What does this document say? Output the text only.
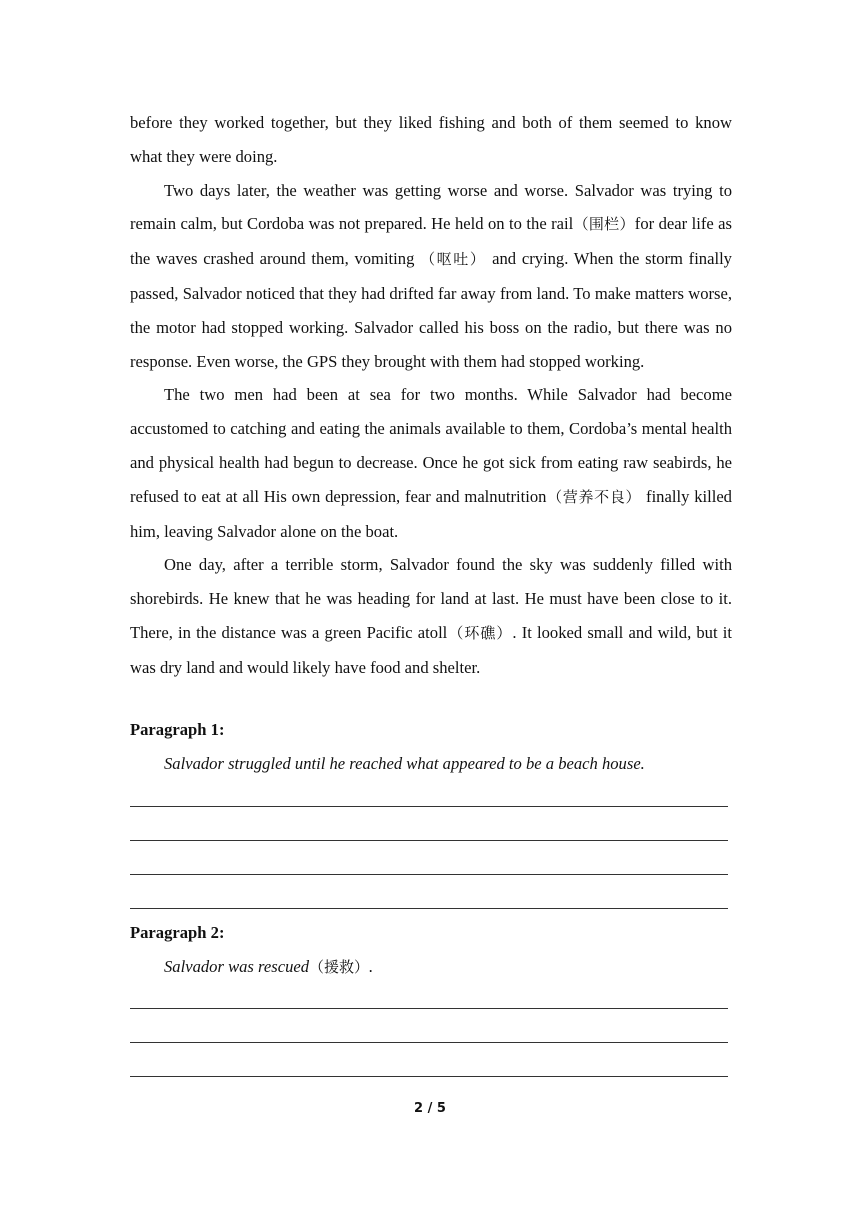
before they worked together, but they liked fishing and both of them seemed to know what they were doing.

Two days later, the weather was getting worse and worse. Salvador was trying to remain calm, but Cordoba was not prepared. He held on to the rail（围栏）for dear life as the waves crashed around them, vomiting （呕吐） and crying. When the storm finally passed, Salvador noticed that they had drifted far away from land. To make matters worse, the motor had stopped working. Salvador called his boss on the radio, but there was no response. Even worse, the GPS they brought with them had stopped working.

The two men had been at sea for two months. While Salvador had become accustomed to catching and eating the animals available to them, Cordoba’s mental health and physical health had begun to decrease. Once he got sick from eating raw seabirds, he refused to eat at all His own depression, fear and malnutrition（营养不良） finally killed him, leaving Salvador alone on the boat.

One day, after a terrible storm, Salvador found the sky was suddenly filled with shorebirds. He knew that he was heading for land at last. He must have been close to it. There, in the distance was a green Pacific atoll（环礁）. It looked small and wild, but it was dry land and would likely have food and shelter.

Paragraph 1:
Salvador struggled until he reached what appeared to be a beach house.
Paragraph 2:
Salvador was rescued（援救）.
2 / 5
